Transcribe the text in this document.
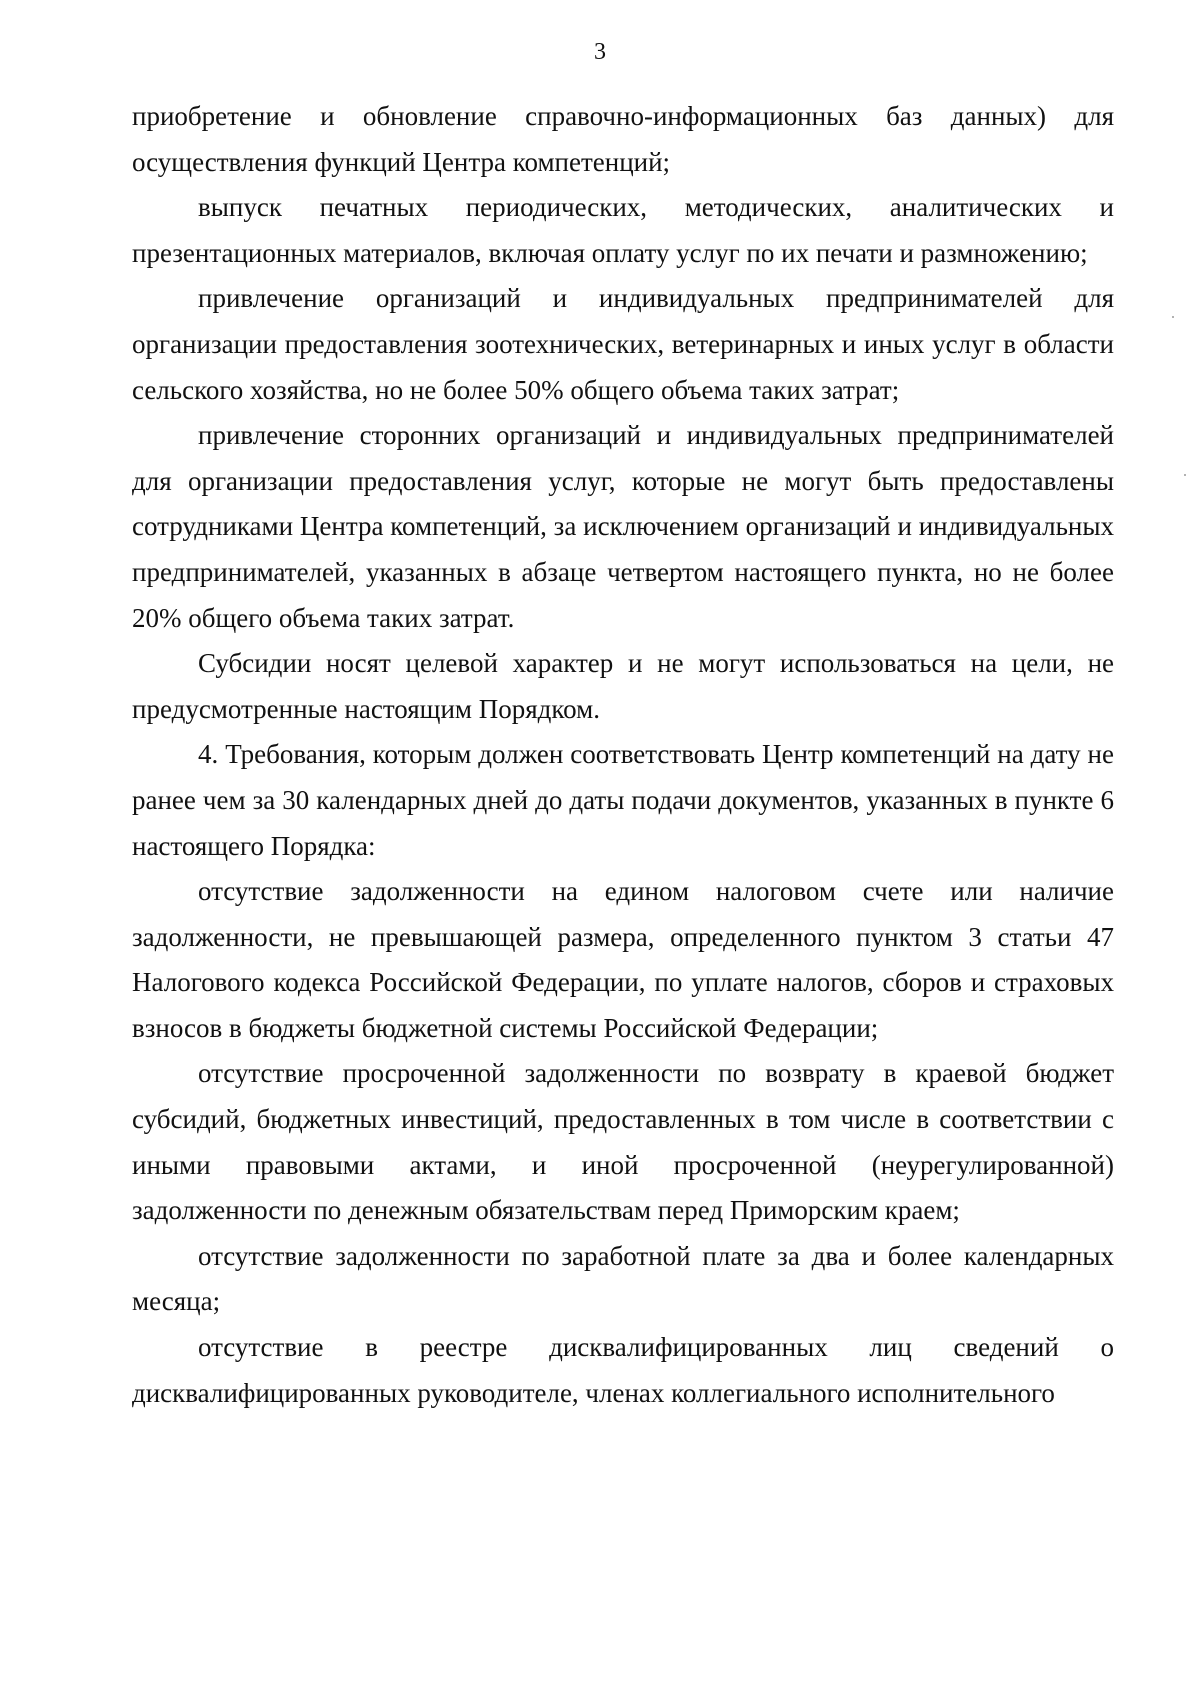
3

приобретение и обновление справочно-информационных баз данных) для осуществления функций Центра компетенций;

выпуск печатных периодических, методических, аналитических и презентационных материалов, включая оплату услуг по их печати и размножению;

привлечение организаций и индивидуальных предпринимателей для организации предоставления зоотехнических, ветеринарных и иных услуг в области сельского хозяйства, но не более 50% общего объема таких затрат;

привлечение сторонних организаций и индивидуальных предпринимателей для организации предоставления услуг, которые не могут быть предоставлены сотрудниками Центра компетенций, за исключением организаций и индивидуальных предпринимателей, указанных в абзаце четвертом настоящего пункта, но не более 20% общего объема таких затрат.

Субсидии носят целевой характер и не могут использоваться на цели, не предусмотренные настоящим Порядком.

4. Требования, которым должен соответствовать Центр компетенций на дату не ранее чем за 30 календарных дней до даты подачи документов, указанных в пункте 6 настоящего Порядка:

отсутствие задолженности на едином налоговом счете или наличие задолженности, не превышающей размера, определенного пунктом 3 статьи 47 Налогового кодекса Российской Федерации, по уплате налогов, сборов и страховых взносов в бюджеты бюджетной системы Российской Федерации;

отсутствие просроченной задолженности по возврату в краевой бюджет субсидий, бюджетных инвестиций, предоставленных в том числе в соответствии с иными правовыми актами, и иной просроченной (неурегулированной) задолженности по денежным обязательствам перед Приморским краем;

отсутствие задолженности по заработной плате за два и более календарных месяца;

отсутствие в реестре дисквалифицированных лиц сведений о дисквалифицированных руководителе, членах коллегиального исполнительного
